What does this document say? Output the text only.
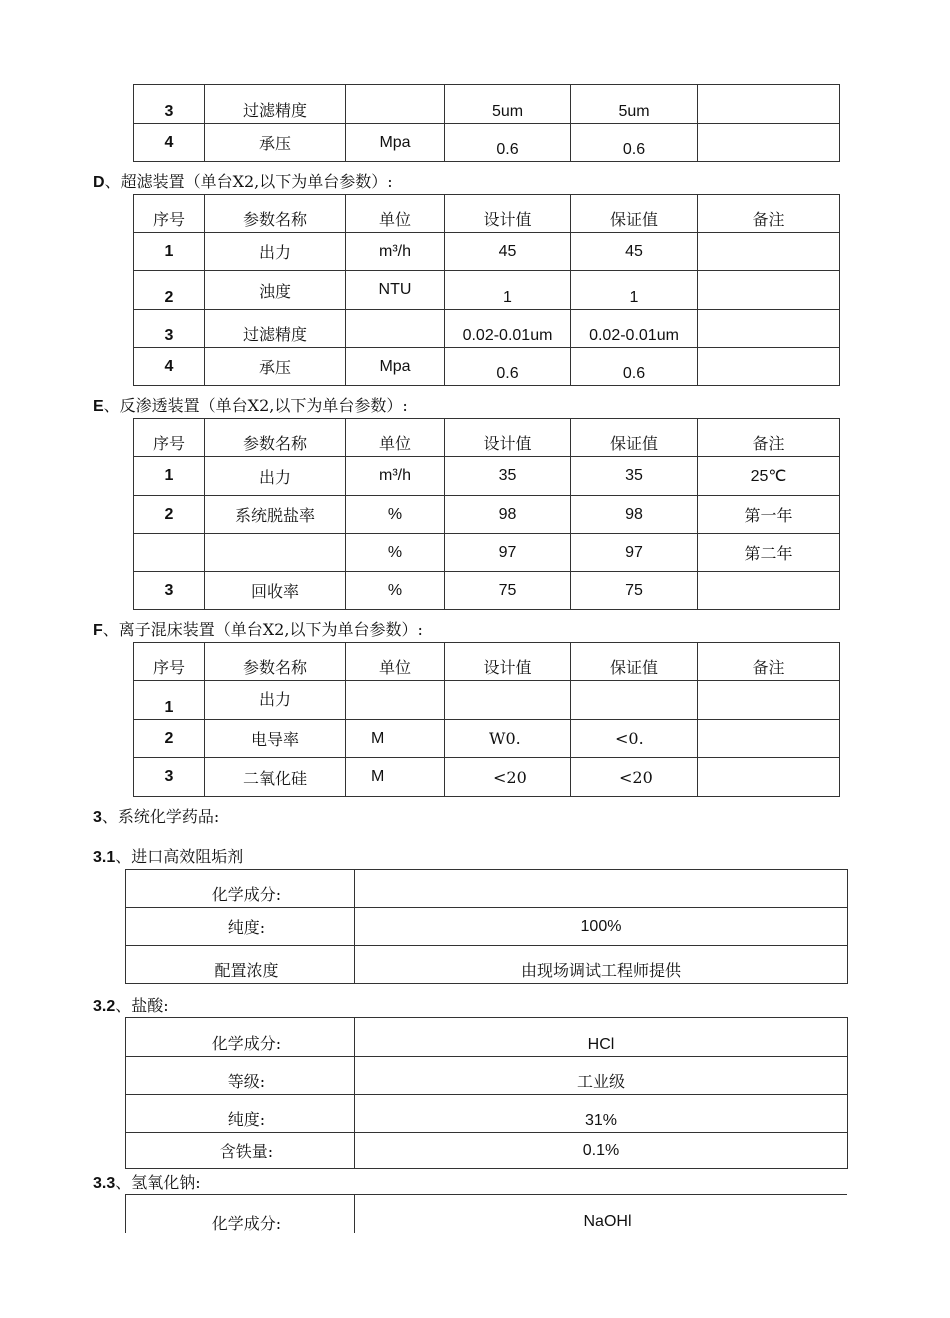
3	过滤精度		5um	5um	
4	承压	Mpa	0.6	0.6	
D、超滤装置（单台X2,以下为单台参数）:
序号	参数名称	单位	设计值	保证值	备注
1	出力	m³/h	45	45	
2	浊度	NTU	1	1	
3	过滤精度		0.02-0.01um	0.02-0.01um	
4	承压	Mpa	0.6	0.6	
E、反渗透装置（单台X2,以下为单台参数）:
序号	参数名称	单位	设计值	保证值	备注
1	出力	m³/h	35	35	25℃
2	系统脱盐率	%	98	98	第一年
		%	97	97	第二年
3	回收率	%	75	75	
F、离子混床装置（单台X2,以下为单台参数）:
序号	参数名称	单位	设计值	保证值	备注
1	出力				
2	电导率	M	W0.	<0.	
3	二氧化硅	M	<20	<20	
3、系统化学药品:
3.1、进口高效阻垢剂
化学成分:	
纯度:	100%
配置浓度	由现场调试工程师提供
3.2、盐酸:
化学成分:	HCl
等级:	工业级
纯度:	31%
含铁量:	0.1%
3.3、氢氧化钠:
化学成分:	NaOHl
